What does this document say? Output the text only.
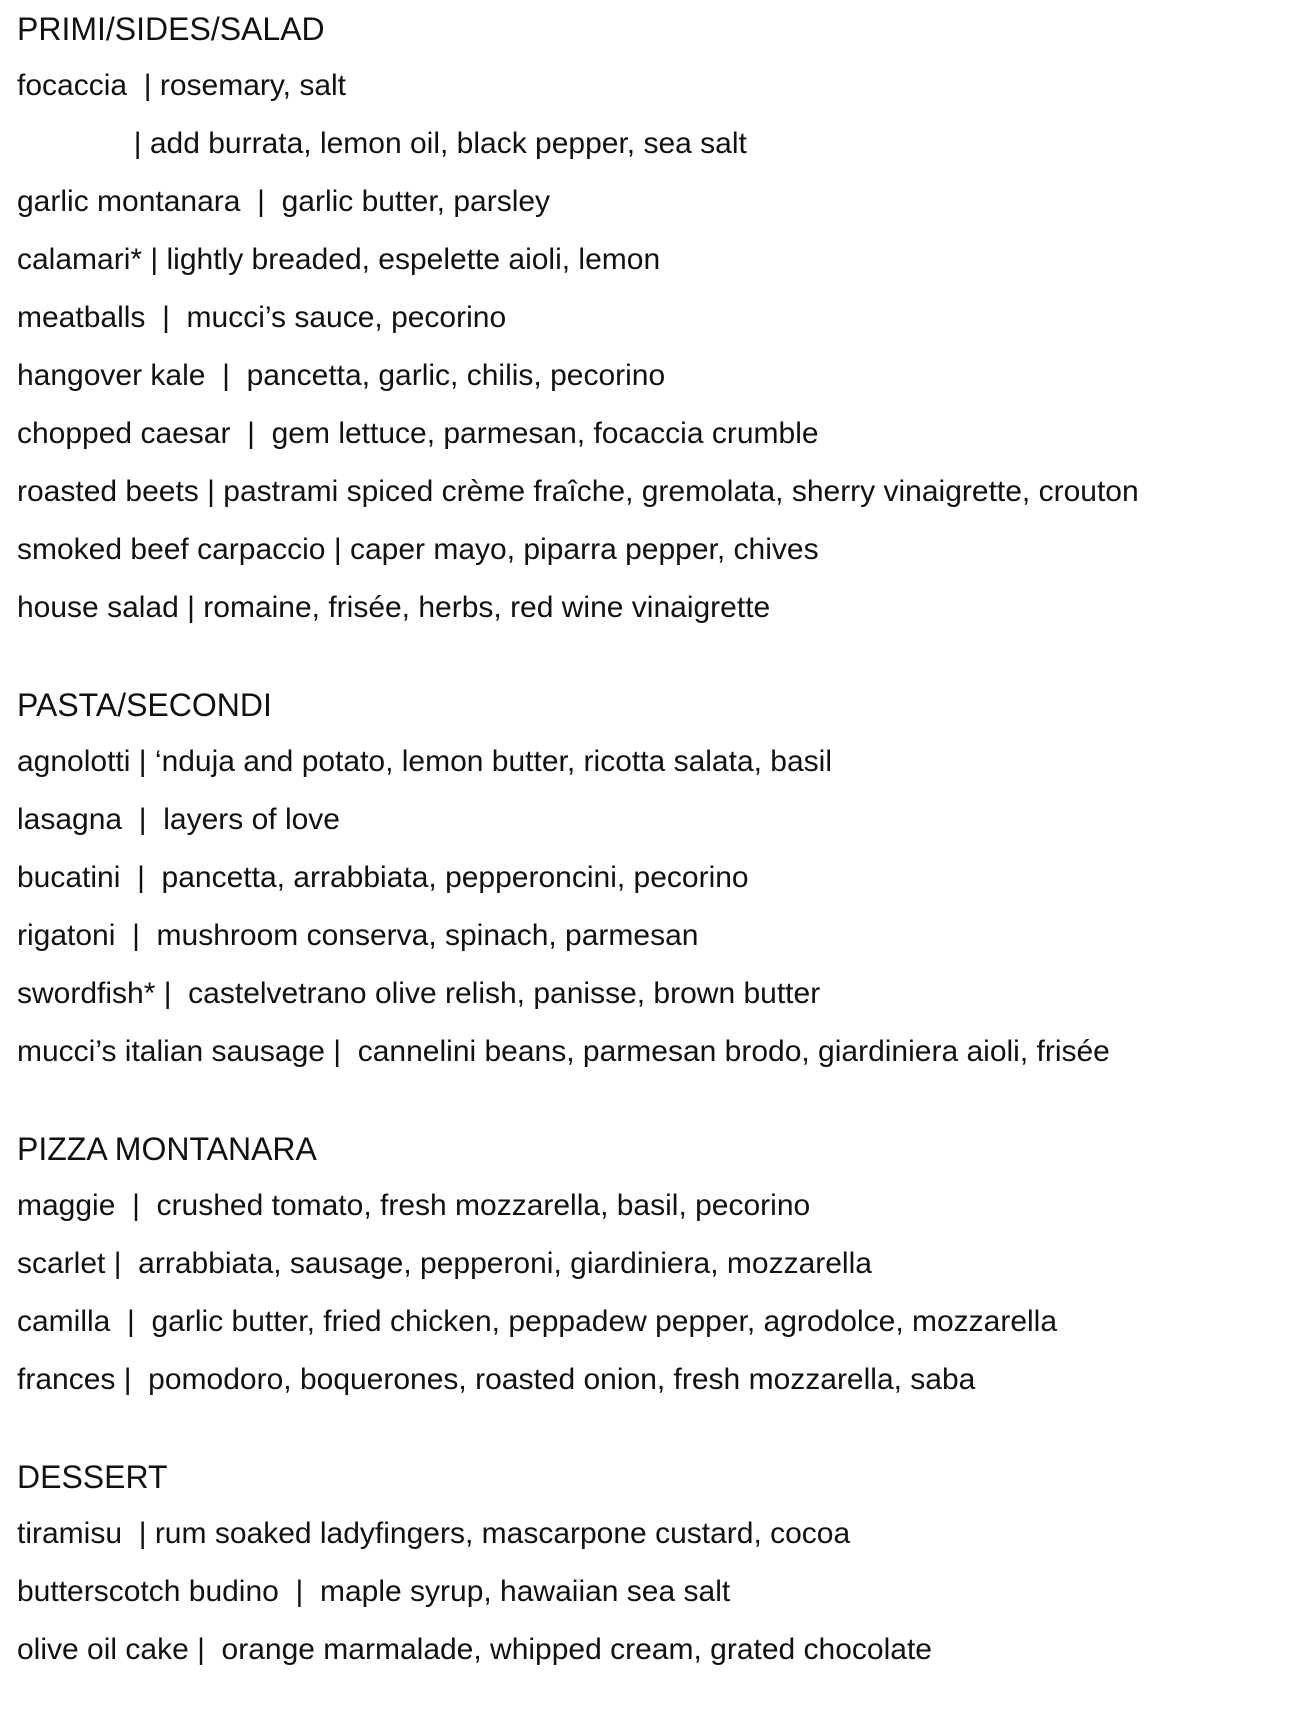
PRIMI/SIDES/SALAD
focaccia  | rosemary, salt
| add burrata, lemon oil, black pepper, sea salt
garlic montanara  |  garlic butter, parsley
calamari* | lightly breaded, espelette aioli, lemon
meatballs  |  mucci’s sauce, pecorino
hangover kale  |  pancetta, garlic, chilis, pecorino
chopped caesar  |  gem lettuce, parmesan, focaccia crumble
roasted beets | pastrami spiced crème fraîche, gremolata, sherry vinaigrette, crouton
smoked beef carpaccio | caper mayo, piparra pepper, chives
house salad | romaine, frisée, herbs, red wine vinaigrette
PASTA/SECONDI
agnolotti | ‘nduja and potato, lemon butter, ricotta salata, basil
lasagna  |  layers of love
bucatini  |  pancetta, arrabbiata, pepperoncini, pecorino
rigatoni  |  mushroom conserva, spinach, parmesan
swordfish* |  castelvetrano olive relish, panisse, brown butter
mucci’s italian sausage |  cannelini beans, parmesan brodo, giardiniera aioli, frisée
PIZZA MONTANARA
maggie  |  crushed tomato, fresh mozzarella, basil, pecorino
scarlet |  arrabbiata, sausage, pepperoni, giardiniera, mozzarella
camilla  |  garlic butter, fried chicken, peppadew pepper, agrodolce, mozzarella
frances |  pomodoro, boquerones, roasted onion, fresh mozzarella, saba
DESSERT
tiramisu  | rum soaked ladyfingers, mascarpone custard, cocoa
butterscotch budino  |  maple syrup, hawaiian sea salt
olive oil cake |  orange marmalade, whipped cream, grated chocolate
